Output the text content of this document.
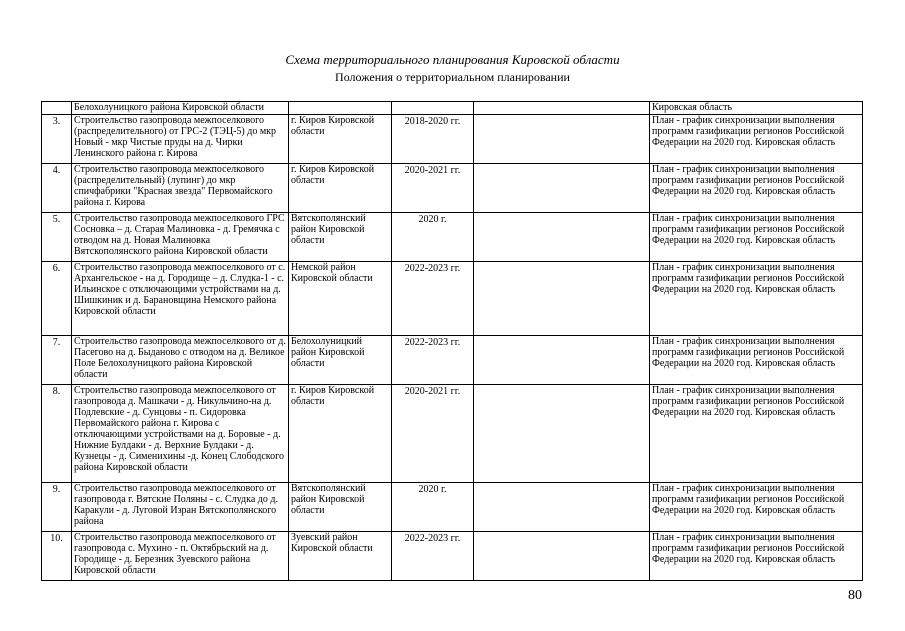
Схема территориального планирования Кировской области
Положения о территориальном планировании
	Белохолуницкого района Кировской области				Кировская область
3.	Строительство газопровода межпоселкового (распределительного) от ГРС-2 (ТЭЦ-5) до мкр Новый - мкр Чистые пруды на д. Чирки Ленинского района г. Кирова	г. Киров Кировской области	2018-2020 гг.		План - график синхронизации выполнения программ газификации регионов Российской Федерации на 2020 год. Кировская область
4.	Строительство газопровода межпоселкового (распределительный) (лупинг) до мкр спичфабрики "Красная звезда" Первомайского района г. Кирова	г. Киров Кировской области	2020-2021 гг.		План - график синхронизации выполнения программ газификации регионов Российской Федерации на 2020 год. Кировская область
5.	Строительство газопровода межпоселкового ГРС Сосновка – д. Старая Малиновка - д. Гремячка с отводом на д. Новая Малиновка Вятскополянского района Кировской области	Вятскополянский район Кировской области	2020 г.		План - график синхронизации выполнения программ газификации регионов Российской Федерации на 2020 год. Кировская область
6.	Строительство газопровода межпоселкового от с. Архангельское - на д. Городище – д. Слудка-1 - с. Ильинское с отключающими устройствами на д. Шишкиник и д. Барановщина Немского района Кировской области	Немской район Кировской области	2022-2023 гг.		План - график синхронизации выполнения программ газификации регионов Российской Федерации на 2020 год. Кировская область
7.	Строительство газопровода межпоселкового от д. Пасегово на д. Быданово с отводом на д. Великое Поле Белохолуницкого района Кировской области	Белохолуницкий район Кировской области	2022-2023 гг.		План - график синхронизации выполнения программ газификации регионов Российской Федерации на 2020 год. Кировская область
8.	Строительство газопровода межпоселкового от газопровода д. Машкачи - д. Никульчино-на д. Подлевские - д. Сунцовы - п. Сидоровка Первомайского района г. Кирова с отключающими устройствами на д. Боровые - д. Нижние Булдаки - д. Верхние Булдаки - д. Кузнецы - д. Сименихины -д. Конец Слободского района Кировской области	г. Киров Кировской области	2020-2021 гг.		План - график синхронизации выполнения программ газификации регионов Российской Федерации на 2020 год. Кировская область
9.	Строительство газопровода межпоселкового от газопровода г. Вятские Поляны - с. Слудка до д. Каракули - д. Луговой Изран Вятскополянского района	Вятскополянский район Кировской области	2020 г.		План - график синхронизации выполнения программ газификации регионов Российской Федерации на 2020 год. Кировская область
10.	Строительство газопровода межпоселкового от газопровода с. Мухино - п. Октябрьский на д. Городище - д. Березник Зуевского района Кировской области	Зуевский район Кировской области	2022-2023 гг.		План - график синхронизации выполнения программ газификации регионов Российской Федерации на 2020 год. Кировская область
80
